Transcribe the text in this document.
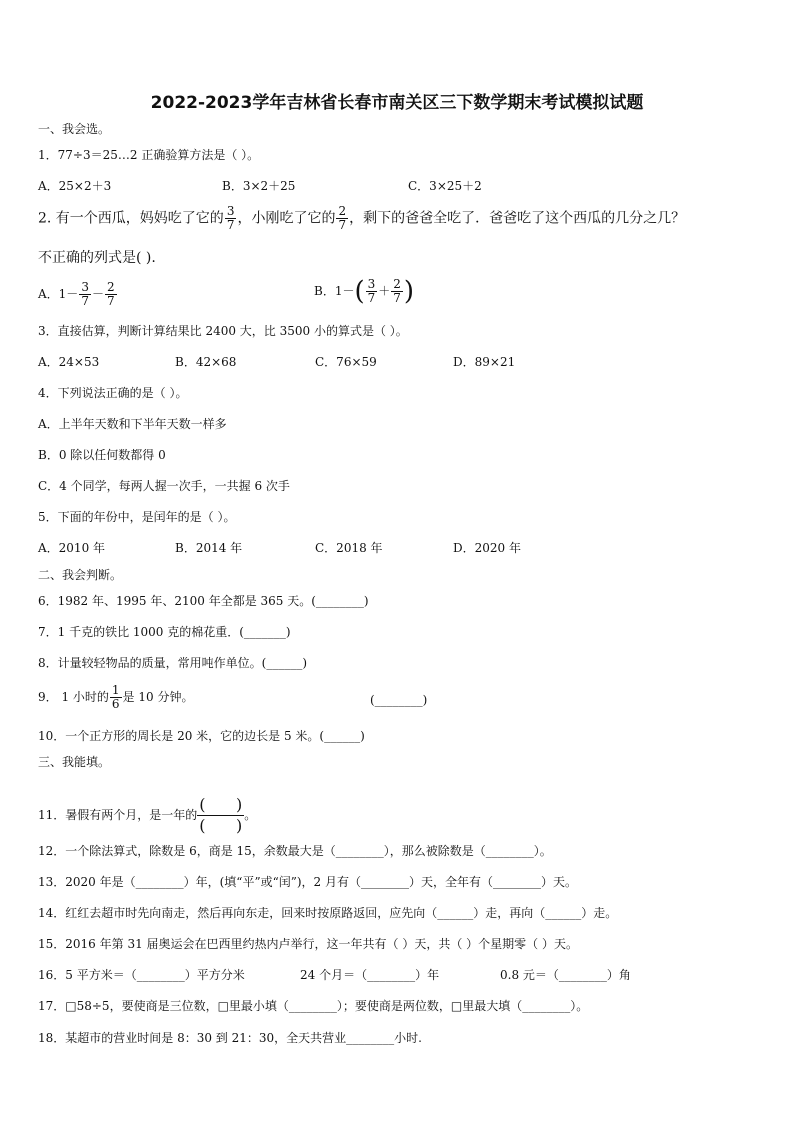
2022-2023学年吉林省长春市南关区三下数学期末考试模拟试题
一、我会选。
1．77÷3＝25…2 正确验算方法是（ ）。
A．25×2＋3	B．3×2＋25	C．3×25＋2
2. 有一个西瓜，妈妈吃了它的 $\frac{3}{7}$ ，小刚吃了它的 $\frac{2}{7}$ ，剩下的爸爸全吃了．爸爸吃了这个西瓜的几分之几？
不正确的列式是( ).
A．$1- \frac{3}{7} - \frac{2}{7}$	B．$1-( \frac{3}{7} + \frac{2}{7}$ )
3．直接估算，判断计算结果比 2400 大，比 3500 小的算式是（ ）。
A．24×53	B．42×68	C．76×59	D．89×21
4．下列说法正确的是（ ）。
A．上半年天数和下半年天数一样多
B．0 除以任何数都得 0
C．4 个同学，每两人握一次手，一共握 6 次手
5．下面的年份中，是闰年的是（ ）。
A．2010 年	B．2014 年	C．2018 年	D．2020 年
二、我会判断。
6．1982 年、1995 年、2100 年全都是 365 天。(________)
7．1 千克的铁比 1000 克的棉花重．(_______)
8．计量较轻物品的质量，常用吨作单位。(______)
9． 1 小时的 $\frac{1}{6}$ 是 10 分钟。	(________)
10．一个正方形的周长是 20 米，它的边长是 5 米。(______)
三、我能填。
11．暑假有两个月，是一年的 $\frac{( )}{( )}$ 。
12．一个除法算式，除数是 6，商是 15，余数最大是（________），那么被除数是（________）。
13．2020 年是（________）年，(填“平”或“闰”)，2 月有（________）天，全年有（________）天。
14．红红去超市时先向南走，然后再向东走，回来时按原路返回，应先向（______）走，再向（______）走。
15．2016 年第 31 届奥运会在巴西里约热内卢举行，这一年共有（ ）天，共（ ）个星期零（ ）天。
16．5 平方米＝（________）平方分米	24 个月＝（________）年	0.8 元＝（________）角
17．□58÷5，要使商是三位数，□里最小填（________）；要使商是两位数，□里最大填（________）。
18．某超市的营业时间是 8：30 到 21：30，全天共营业________小时.
